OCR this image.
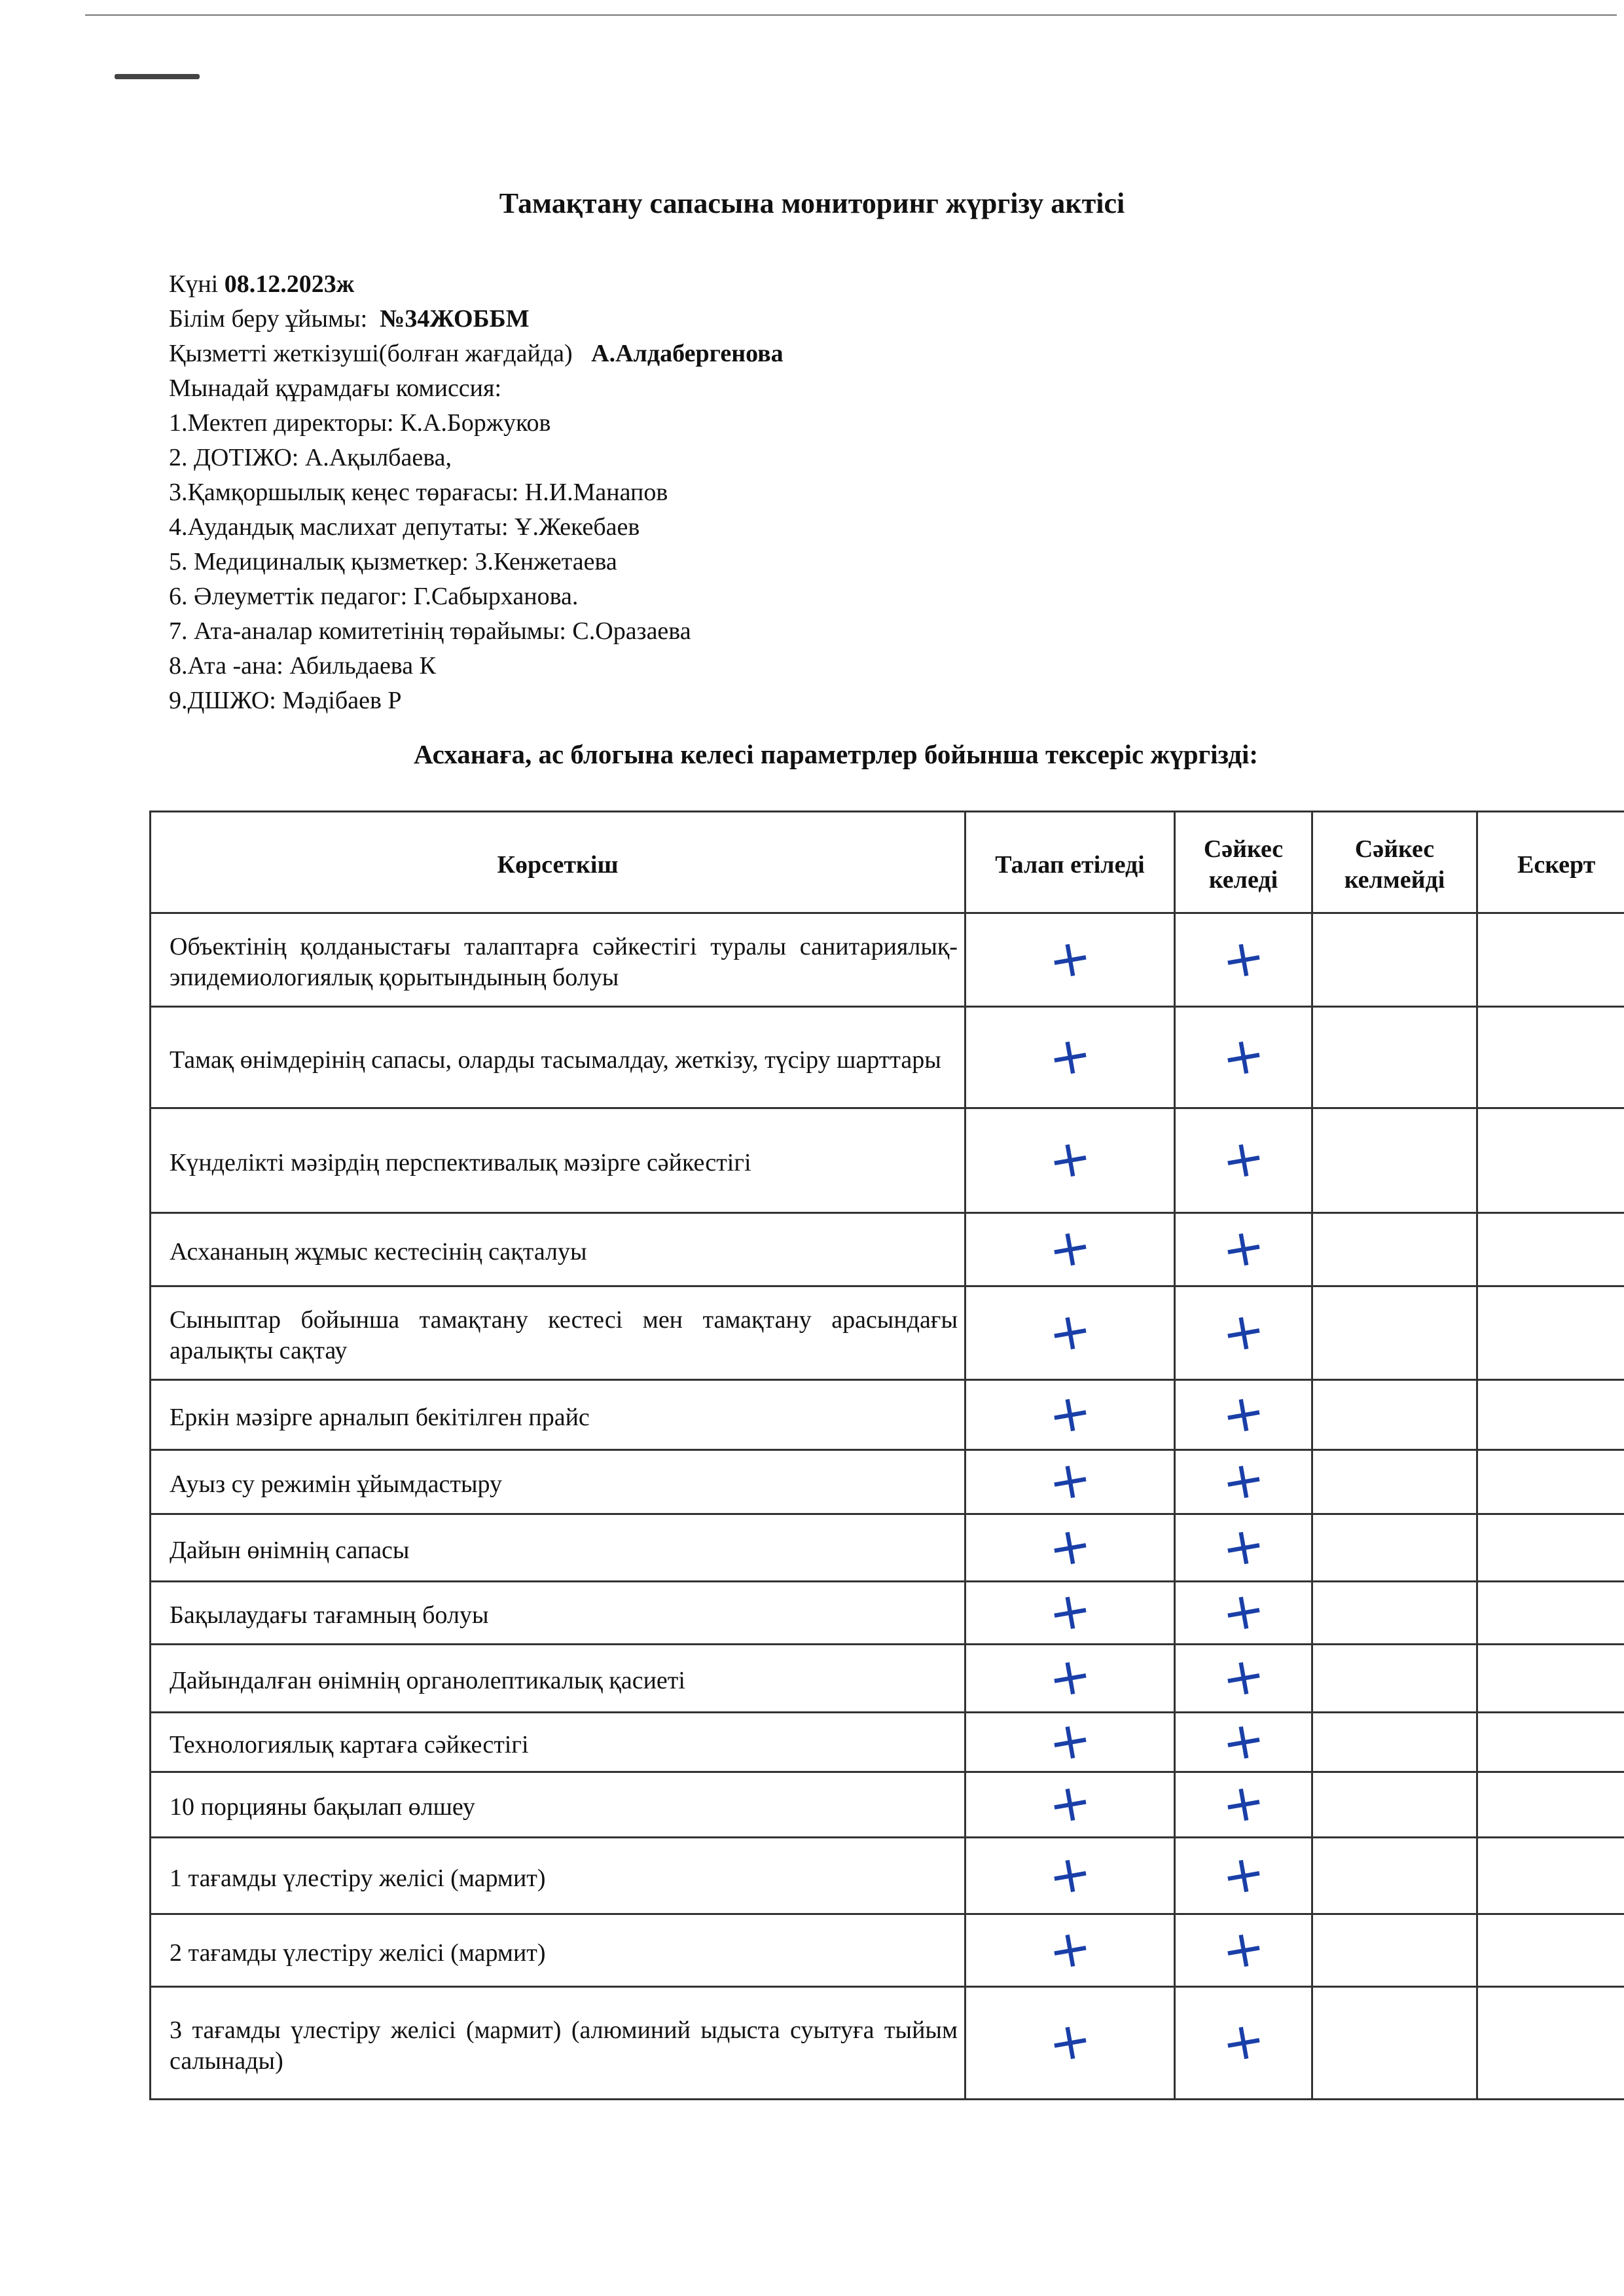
Тамақтану сапасына мониторинг жүргізу актісі
Күні 08.12.2023ж
Білім беру ұйымы: №34ЖОББМ
Қызметті жеткізуші(болған жағдайда) А.Алдабергенова
Мынадай құрамдағы комиссия:
1.Мектеп директоры: К.А.Боржуков
2. ДОТІЖО: А.Ақылбаева,
3.Қамқоршылық кеңес төрағасы: Н.И.Манапов
4.Аудандық маслихат депутаты: Ұ.Жекебаев
5. Медициналық қызметкер: З.Кенжетаева
6. Әлеуметтік педагог: Г.Сабырханова.
7. Ата-аналар комитетінің төрайымы: С.Оразаева
8.Ата -ана: Абильдаева К
9.ДШЖО: Мәдібаев Р
Асханаға, ас блогына келесі параметрлер бойынша тексеріс жүргізді:
Көрсеткіш	Талап етіледі	Сәйкес келеді	Сәйкес келмейді	Ескерт
Объектінің қолданыстағы талаптарға сәйкестігі туралы санитариялық-эпидемиологиялық қорытындының болуы	+	+		
Тамақ өнімдерінің сапасы, оларды тасымалдау, жеткізу, түсіру шарттары	+	+		
Күнделікті мәзірдің перспективалық мәзірге сәйкестігі	+	+		
Асхананың жұмыс кестесінің сақталуы	+	+		
Сыныптар бойынша тамақтану кестесі мен тамақтану арасындағы аралықты сақтау	+	+		
Еркін мәзірге арналып бекітілген прайс	+	+		
Ауыз су режимін ұйымдастыру	+	+		
Дайын өнімнің сапасы	+	+		
Бақылаудағы тағамның болуы	+	+		
Дайындалған өнімнің органолептикалық қасиеті	+	+		
Технологиялық картаға сәйкестігі	+	+		
10 порцияны бақылап өлшеу	+	+		
1 тағамды үлестіру желісі (мармит)	+	+		
2 тағамды үлестіру желісі (мармит)	+	+		
3 тағамды үлестіру желісі (мармит) (алюминий ыдыста суытуға тыйым салынады)	+	+		
